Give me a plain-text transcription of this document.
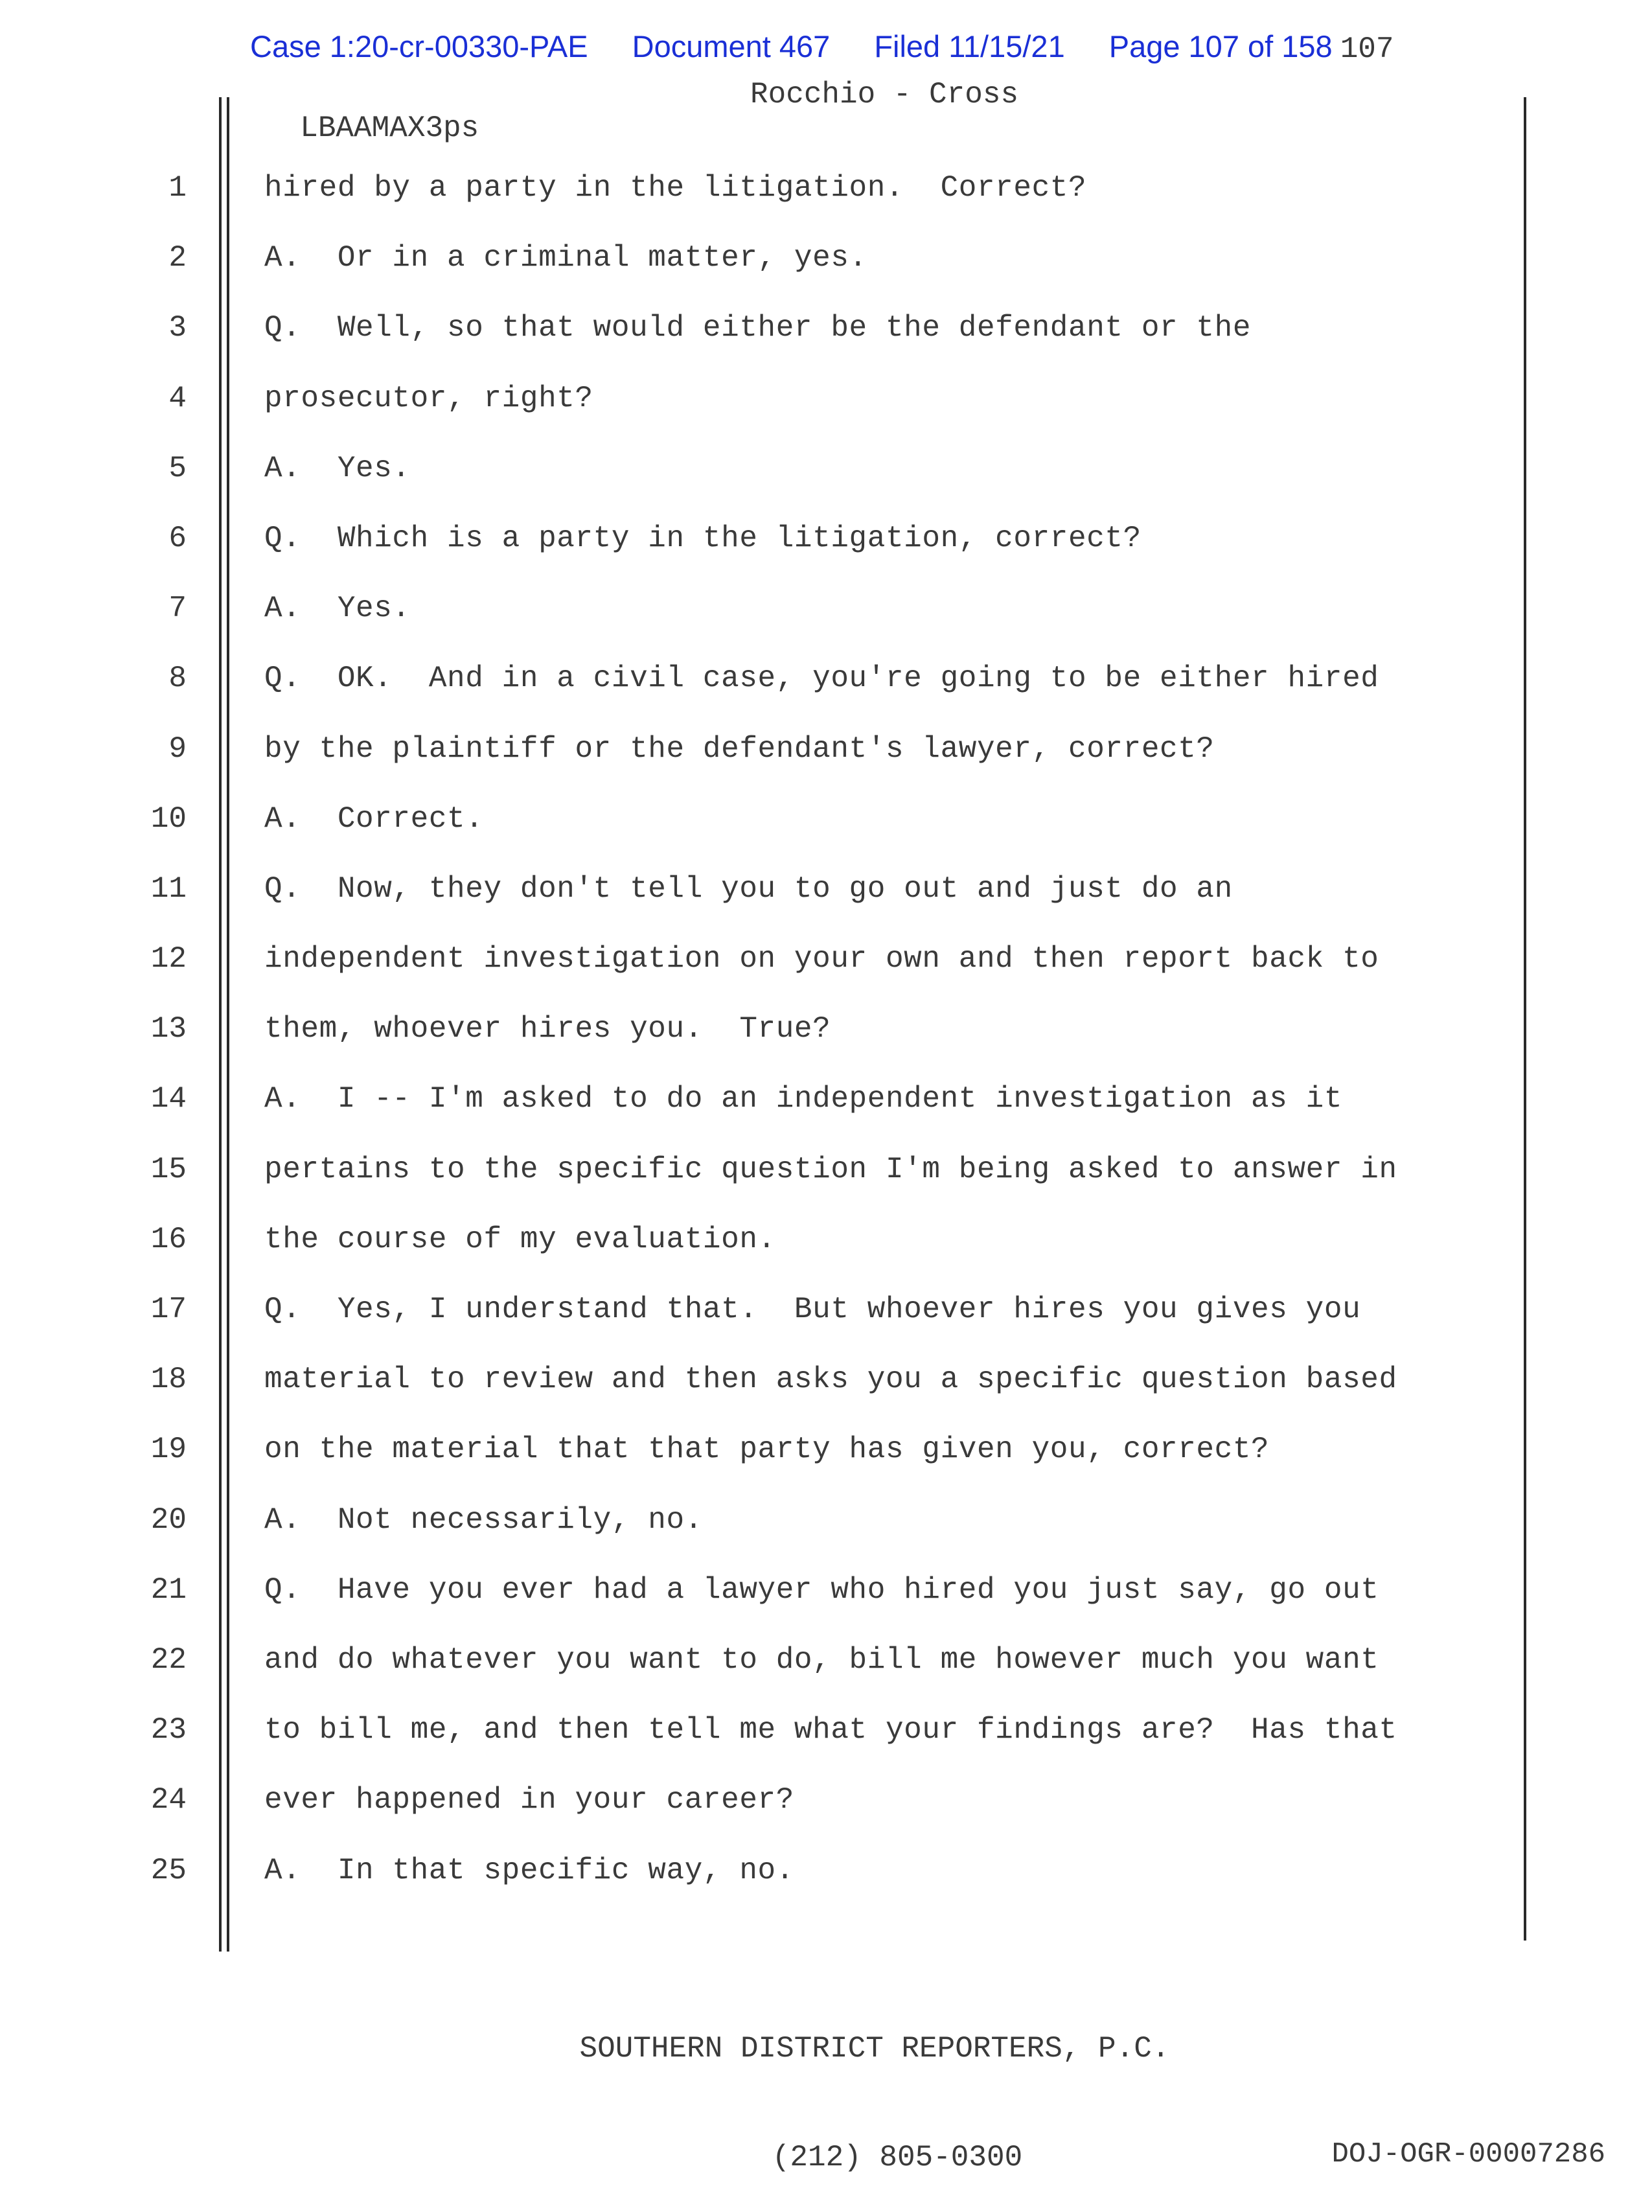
Case 1:20-cr-00330-PAE Document 467 Filed 11/15/21 Page 107 of 158 107

LBAAMAX3ps

Rocchio - Cross

1	hired by a party in the litigation.  Correct?
2	A.  Or in a criminal matter, yes.
3	Q.  Well, so that would either be the defendant or the
4	prosecutor, right?
5	A.  Yes.
6	Q.  Which is a party in the litigation, correct?
7	A.  Yes.
8	Q.  OK.  And in a civil case, you're going to be either hired
9	by the plaintiff or the defendant's lawyer, correct?
10	A.  Correct.
11	Q.  Now, they don't tell you to go out and just do an
12	independent investigation on your own and then report back to
13	them, whoever hires you.  True?
14	A.  I -- I'm asked to do an independent investigation as it
15	pertains to the specific question I'm being asked to answer in
16	the course of my evaluation.
17	Q.  Yes, I understand that.  But whoever hires you gives you
18	material to review and then asks you a specific question based
19	on the material that that party has given you, correct?
20	A.  Not necessarily, no.
21	Q.  Have you ever had a lawyer who hired you just say, go out
22	and do whatever you want to do, bill me however much you want
23	to bill me, and then tell me what your findings are?  Has that
24	ever happened in your career?
25	A.  In that specific way, no.

SOUTHERN DISTRICT REPORTERS, P.C.

(212) 805-0300	DOJ-OGR-00007286
